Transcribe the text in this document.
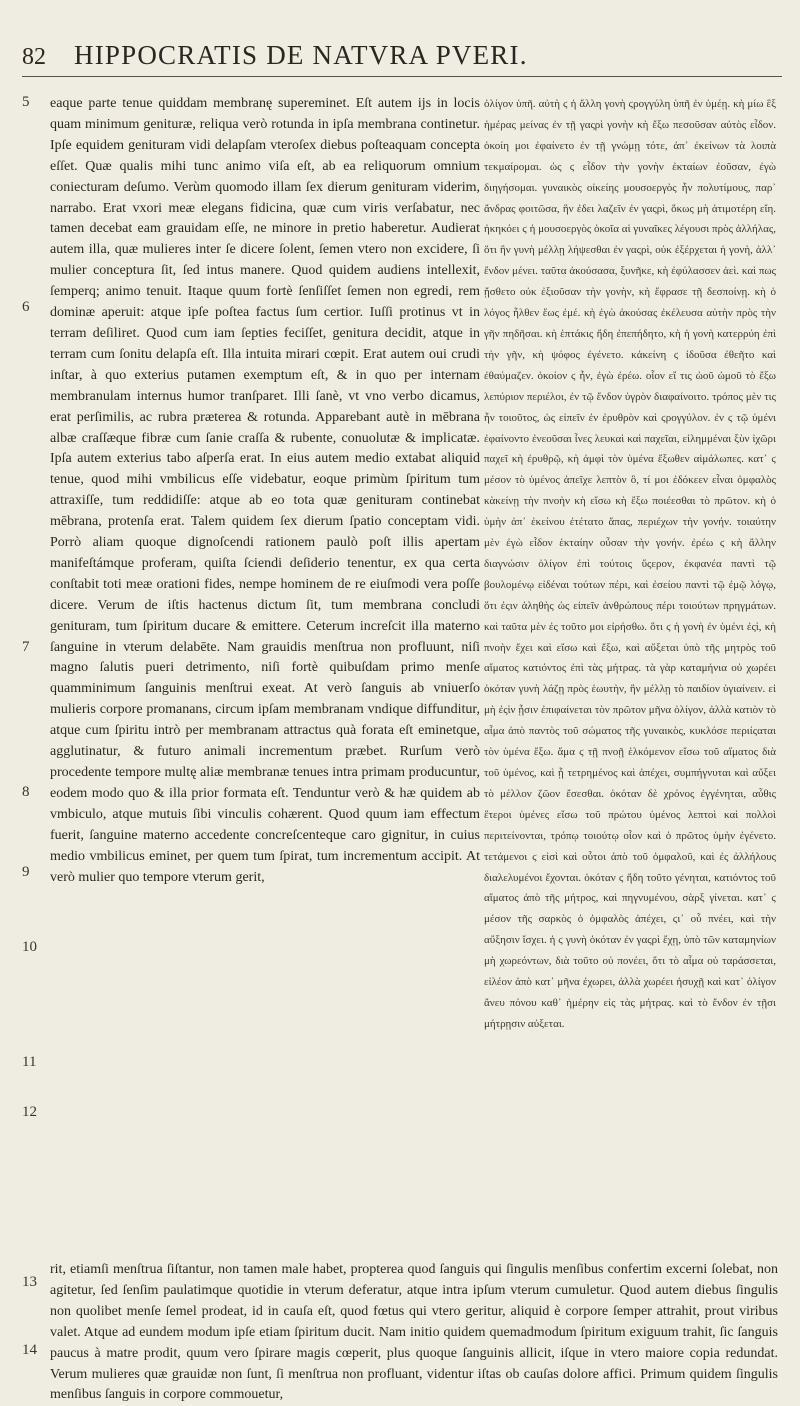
82 HIPPOCRATIS DE NATVRA PVERI.
5
6
7
8
9
10
11
12
13
14

eaque parte tenue quiddam membranę supereminet. Eſt autem ijs in locis quam minimum genituræ, reliqua verò rotunda in ipſa membrana continetur. Ipſe equidem genituram vidi delapſam vteroſex diebus poſteaquam concepta eſſet. Quæ qualis mihi tunc animo viſa eſt, ab ea reliquorum omnium coniecturam deſumo. Verùm quomodo illam ſex dierum genituram viderim, narrabo. Erat vxori meæ elegans fidicina, quæ cum viris verſabatur, nec tamen decebat eam grauidam eſſe, ne minore in pretio haberetur. Audierat autem illa, quæ mulieres inter ſe dicere ſolent, ſemen vtero non excidere, ſi mulier conceptura ſit, ſed intus manere. Quod quidem audiens intellexit, ſemperq; animo tenuit. Itaque quum fortè ſenſiſſet ſemen non egredi, rem dominæ aperuit: atque ipſe poſtea factus ſum certior. Iuſſi protinus vt in terram deſiliret. Quod cum iam ſepties feciſſet, genitura decidit, atque in terram cum ſonitu delapſa eſt. Illa intuita mirari cœpit. Erat autem oui crudi inſtar, à quo exterius putamen exemptum eſt, & in quo per internam membranulam internus humor tranſparet. Illi ſanè, vt vno verbo dicamus, erat perſimilis, ac rubra præterea & rotunda. Apparebant autè in mēbrana albæ craſſæque fibræ cum ſanie craſſa & rubente, conuolutæ & implicatæ. Ipſa autem exterius tabo aſperſa erat. In eius autem medio extabat aliquid tenue, quod mihi vmbilicus eſſe videbatur, eoque primùm ſpiritum tum attraxiſſe, tum reddidiſſe: atque ab eo tota quæ genituram continebat mēbrana, protenſa erat. Talem quidem ſex dierum ſpatio conceptam vidi. Porrò aliam quoque dignoſcendi rationem paulò poſt illis apertam manifeſtámque proferam, quiſta ſciendi deſiderio tenentur, ex qua certa conſtabit toti meæ orationi fides, nempe hominem de re eiuſmodi vera poſſe dicere. Verum de iſtis hactenus dictum ſit, tum membrana concludi genituram, tum ſpiritum ducare & emittere. Ceterum increſcit illa materno ſanguine in vterum delabēte. Nam grauidis menſtrua non profluunt, niſi magno ſalutis pueri detrimento, niſi fortè quibuſdam primo menſe quamminimum ſanguinis menſtrui exeat. At verò ſanguis ab vniuerſo mulieris corpore promanans, circum ipſam membranam vndique diffunditur, atque cum ſpiritu intrò per membranam attractus quà forata eſt eminetque, agglutinatur, & futuro animali incrementum præbet. Rurſum verò procedente tempore multę aliæ membranæ tenues intra primam producuntur, eodem modo quo & illa prior formata eſt. Tenduntur verò & hæ quidem ab vmbiculo, atque mutuis ſibi vinculis cohærent. Quod quum iam effectum fuerit, ſanguine materno accedente concreſcenteque caro gignitur, in cuius medio vmbilicus eminet, per quem tum ſpirat, tum incrementum accipit. At verò mulier quo tempore vterum gerit,

ὀλίγον ὑπῆ. αὐτὴ ϛ ἡ ἄλλη γονὴ ϛρογγύλη ὑπῆ ἐν ὑμέῃ. κὴ μίω ἓξ ἡμέρας μείνας ἐν τῇ γαςρὶ γονὴν κὴ ἔξω πεσοῦσαν αὐτὸς εἶδον. ὁκοίη μοι ἐφαίνετο ἐν τῇ γνώμῃ τότε, ἀπ᾽ ἐκείνων τὰ λοιπὰ τεκμαίρομαι. ὡς ϛ εἶδον τὴν γονὴν ἐκταίων ἐοῦσαν, ἐγὼ διηγήσομαι. γυναικὸς οἰκείης μουσοεργὸς ἦν πολυτίμους, παρ᾽ ἄνδρας φοιτῶσα, ἣν ἐδει λαζεῖν ἐν γαςρὶ, ὅκως μὴ ἀτιμοτέρη εἴη. ἠκηκόει ϛ ἡ μουσοεργὸς ὁκοῖα αἱ γυναῖκες λέγουσι πρὸς ἀλλήλας, ὅτι ἣν γυνὴ μέλλῃ λήψεσθαι ἐν γαςρὶ, οὐκ ἐξέρχεται ἡ γονὴ, ἀλλ᾽ ἔνδον μένει. ταῦτα ἀκούσασα, ξυνῆκε, κὴ ἐφύλασσεν ἀεὶ. καὶ πως ᾔσθετο οὐκ ἐξιοῦσαν τὴν γονὴν, κὴ ἔφρασε τῇ δεσποίνῃ. κὴ ὁ λόγος ἦλθεν ἕως ἐμέ. κὴ ἐγὼ ἀκούσας ἐκέλευσα αὐτὴν πρὸς τὴν γῆν πηδῆσαι. κὴ ἑπτάκις ἤδη ἐπεπήδητο, κὴ ἡ γονὴ κατερρύη ἐπὶ τὴν γῆν, κὴ ψόφος ἐγένετο. κἀκείνη ϛ ἰδοῦσα ἐθεῆτο καὶ ἐθαύμαζεν. ὁκοίον ϛ ἦν, ἐγὼ ἐρέω. οἷον εἴ τις ὠοῦ ὠμοῦ τὸ ἔξω λεπύριον περιέλοι, ἐν τῷ ἔνδον ὑγρὸν διαφαίνοιτο. τρόπος μὲν τις ἦν τοιοῦτος, ὡς εἰπεῖν ἐν ἐρυθρὸν καὶ ϛρογγύλον. ἐν ϛ τῷ ὑμένι ἐφαίνοντο ἐνεοῦσαι ἶνες λευκαὶ καὶ παχεῖαι, εἰλημμέναι ξὺν ἰχῶρι παχεῖ κὴ ἐρυθρῷ, κὴ ἀμφὶ τὸν ὑμένα ἔξωθεν αἱμάλωπες. κατ᾽ ϛ μέσον τὸ ὑμένος ἀπεῖχε λεπτὸν ὃ, τί μοι ἐδόκεεν εἶναι ὀμφαλὸς κὰκείνῃ τὴν πνοὴν κὴ εἴσω κὴ ἔξω ποιέεσθαι τὸ πρῶτον. κὴ ὁ ὑμὴν ἀπ᾽ ἐκείνου ἐτέτατο ἅπας, περιέχων τὴν γονήν. τοιαύτην μὲν ἐγὼ εἶδον ἑκταίην οὖσαν τὴν γονήν. ἐρέω ϛ κὴ ἄλλην διαγνώσιν ὀλίγον ἐπὶ τούτοις ὕςερον, ἐκφανέα παντὶ τῷ βουλομένῳ εἰδέναι τούτων πέρι, καὶ ἐσείου παντὶ τῷ ἐμῷ λόγῳ, ὅτι ἐςιν ἀληθὴς ὡς εἰπεῖν ἀνθρώπους πέρι τοιούτων πρηγμάτων. καὶ ταῦτα μὲν ἐς τοῦτο μοι εἰρήσθω. ὅτι ϛ ἡ γονὴ ἐν ὑμένι ἐςὶ, κὴ πνοὴν ἔχει καὶ εἴσω καὶ ἔξω, καὶ αὔξεται ὑπὸ τῆς μητρὸς τοῦ αἵματος κατιόντος ἐπὶ τὰς μήτρας. τὰ γὰρ καταμήνια οὐ χωρέει ὁκόταν γυνὴ λάζῃ πρὸς ἑωυτὴν, ἣν μέλλῃ τὸ παιδίον ὑγιαίνειν. εἰ μὴ ἐςὶν ᾗσιν ἐπιφαίνεται τὸν πρῶτον μῆνα ὀλίγον, ἀλλὰ κατιὸν τὸ αἷμα ἀπὸ παντὸς τοῦ σώματος τῆς γυναικὸς, κυκλόσε περιίςαται τὸν ὑμένα ἔξω. ἅμα ϛ τῇ πνοῇ ἑλκόμενον εἴσω τοῦ αἵματος διὰ τοῦ ὑμένος, καὶ ᾗ τετρημένος καὶ ἀπέχει, συμπήγνυται καὶ αὔξει τὸ μέλλον ζῶον ἔσεσθαι. ὁκόταν δὲ χρόνος ἐγγένηται, αὖθις ἕτεροι ὑμένες εἴσω τοῦ πρώτου ὑμένος λεπτοὶ καὶ πολλοὶ περιτείνονται, τρόπῳ τοιούτῳ οἷον καὶ ὁ πρῶτος ὑμὴν ἐγένετο. τετάμενοι ϛ εἰσὶ καὶ οὗτοι ἀπὸ τοῦ ὀμφαλοῦ, καὶ ἐς ἀλλήλους διαλελυμένοι ἔχονται. ὁκόταν ϛ ἤδη τοῦτο γένηται, κατιόντος τοῦ αἵματος ἀπὸ τῆς μήτρος, καὶ πηγνυμένου, σὰρξ γίνεται. κατ᾽ ϛ μέσον τῆς σαρκὸς ὁ ὀμφαλὸς ἀπέχει, ϛι᾽ οὗ πνέει, καὶ τὴν αὔξησιν ἴσχει. ἡ ϛ γυνὴ ὁκόταν ἐν γαςρὶ ἔχῃ, ὑπὸ τῶν καταμηνίων μὴ χωρεόντων, διὰ τοῦτο οὐ πονέει, ὅτι τὸ αἷμα οὐ ταράσσεται, εἰλέον ἀπὸ κατ᾽ μῆνα ἐχωρει, ἀλλὰ χωρέει ἡσυχῇ καὶ κατ᾽ ὀλίγον ἄνευ πόνου καθ᾽ ἡμέρην εἰς τὰς μήτρας. καὶ τὸ ἔνδον ἐν τῇσι μήτρῃσιν αὐξεται.

rit, etiamſi menſtrua ſiſtantur, non tamen male habet, propterea quod ſanguis qui ſingulis menſibus confertim excerni ſolebat, non agitetur, ſed ſenſim paulatimque quotidie in vterum deferatur, atque intra ipſum vterum cumuletur. Quod autem diebus ſingulis non quolibet menſe ſemel prodeat, id in cauſa eſt, quod fœtus qui vtero geritur, aliquid è corpore ſemper attrahit, prout viribus valet. Atque ad eundem modum ipſe etiam ſpiritum ducit. Nam initio quidem quemadmodum ſpiritum exiguum trahit, ſic ſanguis paucus à matre prodit, quum vero ſpirare magis cœperit, plus quoque ſanguinis allicit, iſque in vtero maiore copia redundat. Verum mulieres quæ grauidæ non ſunt, ſi menſtrua non profluant, videntur iſtas ob cauſas dolore affici. Primum quidem ſingulis menſibus ſanguis in corpore commouetur,
